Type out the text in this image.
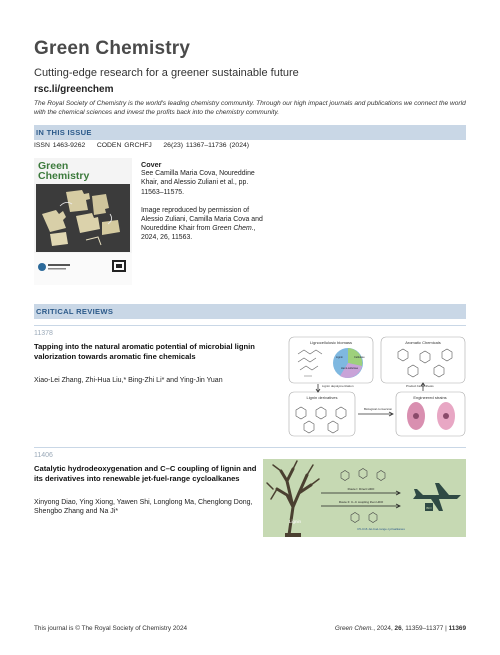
Green Chemistry
Cutting-edge research for a greener sustainable future
rsc.li/greenchem
The Royal Society of Chemistry is the world's leading chemistry community. Through our high impact journals and publications we connect the world with the chemical sciences and invest the profits back into the chemistry community.
IN THIS ISSUE
ISSN 1463-9262 CODEN GRCHFJ 26(23) 11367–11736 (2024)
Green
Chemistry
Cover
See Camilla Maria Cova, Noureddine Khair, and Alessio Zuliani et al., pp. 11563–11575.
Image reproduced by permission of Alessio Zuliani, Camilla Maria Cova and Noureddine Khair from Green Chem., 2024, 26, 11563.
CRITICAL REVIEWS
11378
Tapping into the natural aromatic potential of microbial lignin valorization towards aromatic fine chemicals
Xiao-Lei Zhang, Zhi-Hua Liu,* Bing-Zhi Li* and Ying-Jin Yuan
Lignocellulosic biomass	Aromatic Chemicals
Lignin derivatives	Engineered strains
Cellulose
Hemi-cellulose
Lignin
Lignin depolymerization	Product biosynthesis
Biological conversion
11406
Catalytic hydrodeoxygenation and C–C coupling of lignin and its derivatives into renewable jet-fuel-range cycloalkanes
Xinyong Diao, Ying Xiong, Yawen Shi, Longlong Ma, Chenglong Dong, Shengbo Zhang and Na Ji*
Lignin
Route I: Direct HDO
Route II: C–C coupling then HDO
BIO
C5-C16 Jet-fuel-range cycloalkanes
This journal is © The Royal Society of Chemistry 2024	Green Chem., 2024, 26, 11359–11377 | 11369
